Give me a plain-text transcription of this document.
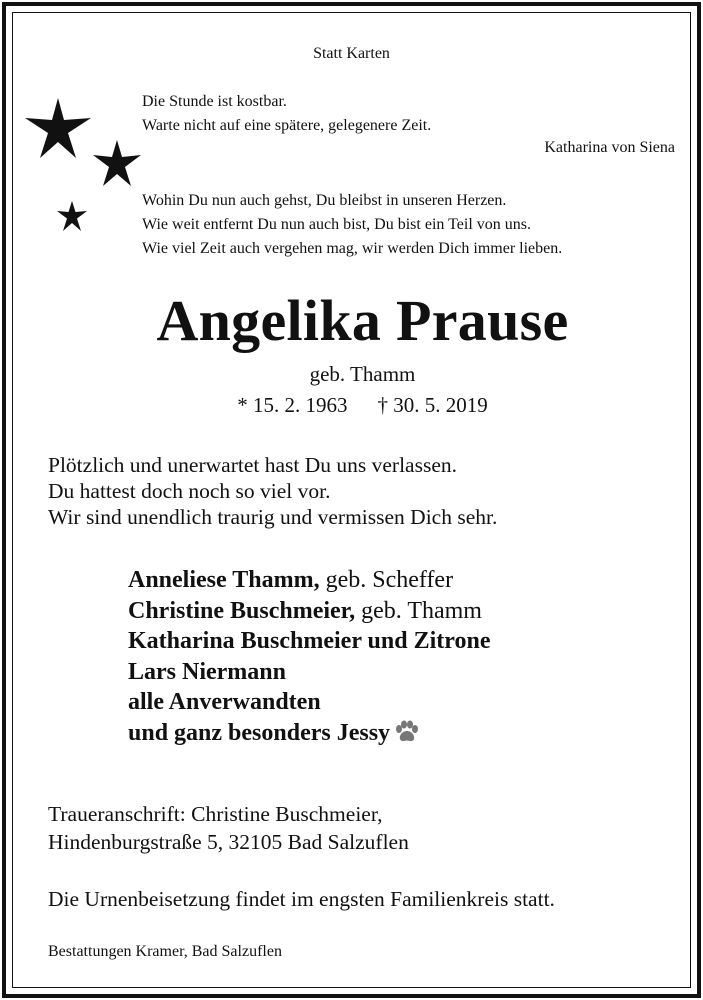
Statt Karten
Die Stunde ist kostbar.
Warte nicht auf eine spätere, gelegenere Zeit.
Katharina von Siena
Wohin Du nun auch gehst, Du bleibst in unseren Herzen.
Wie weit entfernt Du nun auch bist, Du bist ein Teil von uns.
Wie viel Zeit auch vergehen mag, wir werden Dich immer lieben.
Angelika Prause
geb. Thamm
* 15. 2. 1963 † 30. 5. 2019
Plötzlich und unerwartet hast Du uns verlassen.
Du hattest doch noch so viel vor.
Wir sind unendlich traurig und vermissen Dich sehr.
Anneliese Thamm, geb. Scheffer
Christine Buschmeier, geb. Thamm
Katharina Buschmeier und Zitrone
Lars Niermann
alle Anverwandten
und ganz besonders Jessy
Traueranschrift: Christine Buschmeier,
Hindenburgstraße 5, 32105 Bad Salzuflen
Die Urnenbeisetzung findet im engsten Familienkreis statt.
Bestattungen Kramer, Bad Salzuflen
